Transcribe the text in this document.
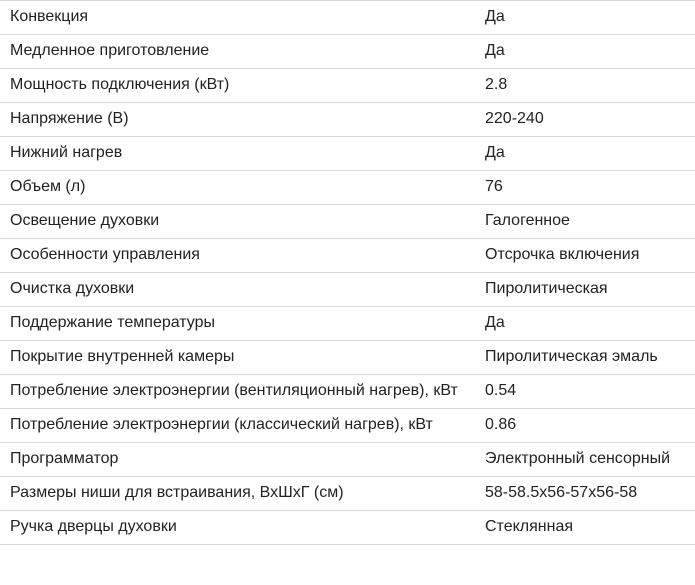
Конвекция	Да
Медленное приготовление	Да
Мощность подключения (кВт)	2.8
Напряжение (В)	220-240
Нижний нагрев	Да
Объем (л)	76
Освещение духовки	Галогенное
Особенности управления	Отсрочка включения
Очистка духовки	Пиролитическая
Поддержание температуры	Да
Покрытие внутренней камеры	Пиролитическая эмаль
Потребление электроэнергии (вентиляционный нагрев), кВт	0.54
Потребление электроэнергии (классический нагрев), кВт	0.86
Программатор	Электронный сенсорный
Размеры ниши для встраивания, ВхШхГ (см)	58-58.5x56-57x56-58
Ручка дверцы духовки	Стеклянная
